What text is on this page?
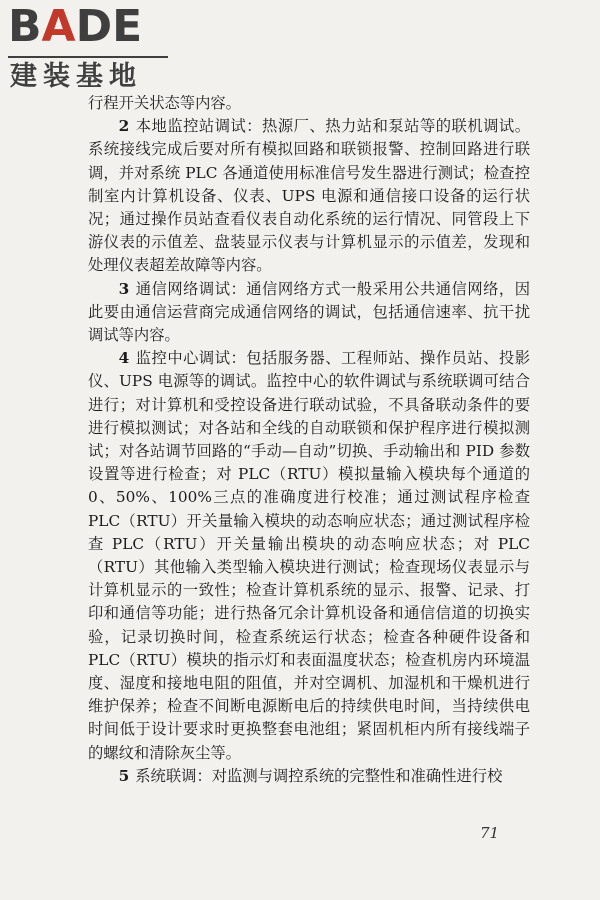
BADE
建装基地

行程开关状态等内容。

2 本地监控站调试：热源厂、热力站和泵站等的联机调试。系统接线完成后要对所有模拟回路和联锁报警、控制回路进行联调，并对系统 PLC 各通道使用标准信号发生器进行测试；检查控制室内计算机设备、仪表、UPS 电源和通信接口设备的运行状况；通过操作员站查看仪表自动化系统的运行情况、同管段上下游仪表的示值差、盘装显示仪表与计算机显示的示值差，发现和处理仪表超差故障等内容。

3 通信网络调试：通信网络方式一般采用公共通信网络，因此要由通信运营商完成通信网络的调试，包括通信速率、抗干扰调试等内容。

4 监控中心调试：包括服务器、工程师站、操作员站、投影仪、UPS 电源等的调试。监控中心的软件调试与系统联调可结合进行；对计算机和受控设备进行联动试验，不具备联动条件的要进行模拟测试；对各站和全线的自动联锁和保护程序进行模拟测试；对各站调节回路的“手动—自动”切换、手动输出和 PID 参数设置等进行检查；对 PLC（RTU）模拟量输入模块每个通道的 0、50%、100%三点的准确度进行校准；通过测试程序检查 PLC（RTU）开关量输入模块的动态响应状态；通过测试程序检查 PLC（RTU）开关量输出模块的动态响应状态；对 PLC（RTU）其他输入类型输入模块进行测试；检查现场仪表显示与计算机显示的一致性；检查计算机系统的显示、报警、记录、打印和通信等功能；进行热备冗余计算机设备和通信信道的切换实验，记录切换时间，检查系统运行状态；检查各种硬件设备和 PLC（RTU）模块的指示灯和表面温度状态；检查机房内环境温度、湿度和接地电阻的阻值，并对空调机、加湿机和干燥机进行维护保养；检查不间断电源断电后的持续供电时间，当持续供电时间低于设计要求时更换整套电池组；紧固机柜内所有接线端子的螺纹和清除灰尘等。

5 系统联调：对监测与调控系统的完整性和准确性进行校

71
